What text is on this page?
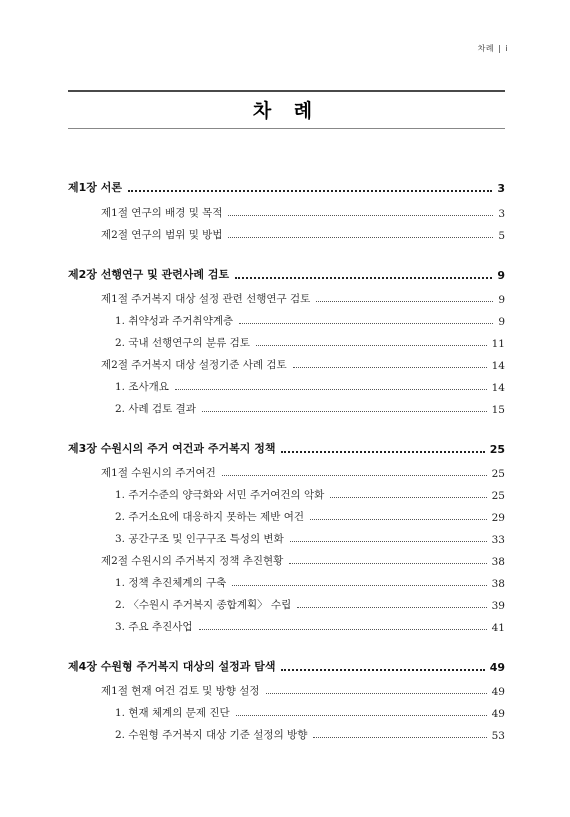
차례 | i
차 례
제1장 서론	3
제1절 연구의 배경 및 목적	3
제2절 연구의 범위 및 방법	5
제2장 선행연구 및 관련사례 검토	9
제1절 주거복지 대상 설정 관련 선행연구 검토	9
1. 취약성과 주거취약계층	9
2. 국내 선행연구의 분류 검토	11
제2절 주거복지 대상 설정기준 사례 검토	14
1. 조사개요	14
2. 사례 검토 결과	15
제3장 수원시의 주거 여건과 주거복지 정책	25
제1절 수원시의 주거여건	25
1. 주거수준의 양극화와 서민 주거여건의 악화	25
2. 주거소요에 대응하지 못하는 제반 여건	29
3. 공간구조 및 인구구조 특성의 변화	33
제2절 수원시의 주거복지 정책 추진현황	38
1. 정책 추진체계의 구축	38
2. 〈수원시 주거복지 종합계획〉 수립	39
3. 주요 추진사업	41
제4장 수원형 주거복지 대상의 설정과 탐색	49
제1절 현재 여건 검토 및 방향 설정	49
1. 현재 체계의 문제 진단	49
2. 수원형 주거복지 대상 기준 설정의 방향	53
